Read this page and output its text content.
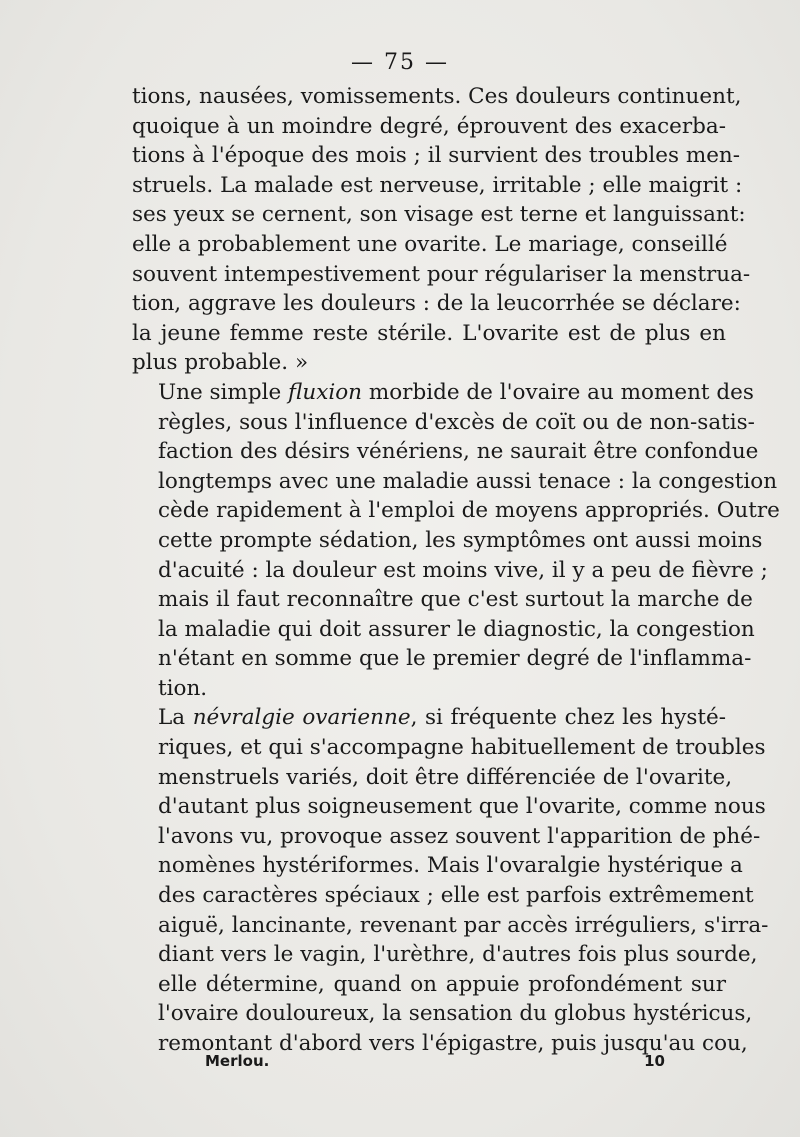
— 75 —

tions, nausées, vomissements. Ces douleurs continuent,
quoique à un moindre degré, éprouvent des exacerba-
tions à l'époque des mois ; il survient des troubles men-
struels. La malade est nerveuse, irritable ; elle maigrit :
ses yeux se cernent, son visage est terne et languissant:
elle a probablement une ovarite. Le mariage, conseillé
souvent intempestivement pour régulariser la menstrua-
tion, aggrave les douleurs : de la leucorrhée se déclare:
la jeune femme reste stérile. L'ovarite est de plus en
plus probable. »

Une simple fluxion morbide de l'ovaire au moment des
règles, sous l'influence d'excès de coït ou de non-satis-
faction des désirs vénériens, ne saurait être confondue
longtemps avec une maladie aussi tenace : la congestion
cède rapidement à l'emploi de moyens appropriés. Outre
cette prompte sédation, les symptômes ont aussi moins
d'acuité : la douleur est moins vive, il y a peu de fièvre ;
mais il faut reconnaître que c'est surtout la marche de
la maladie qui doit assurer le diagnostic, la congestion
n'étant en somme que le premier degré de l'inflamma-
tion.

La névralgie ovarienne, si fréquente chez les hysté-
riques, et qui s'accompagne habituellement de troubles
menstruels variés, doit être différenciée de l'ovarite,
d'autant plus soigneusement que l'ovarite, comme nous
l'avons vu, provoque assez souvent l'apparition de phé-
nomènes hystériformes. Mais l'ovaralgie hystérique a
des caractères spéciaux ; elle est parfois extrêmement
aiguë, lancinante, revenant par accès irréguliers, s'irra-
diant vers le vagin, l'urèthre, d'autres fois plus sourde,
elle détermine, quand on appuie profondément sur
l'ovaire douloureux, la sensation du globus hystéricus,
remontant d'abord vers l'épigastre, puis jusqu'au cou,

Merlou.	10
